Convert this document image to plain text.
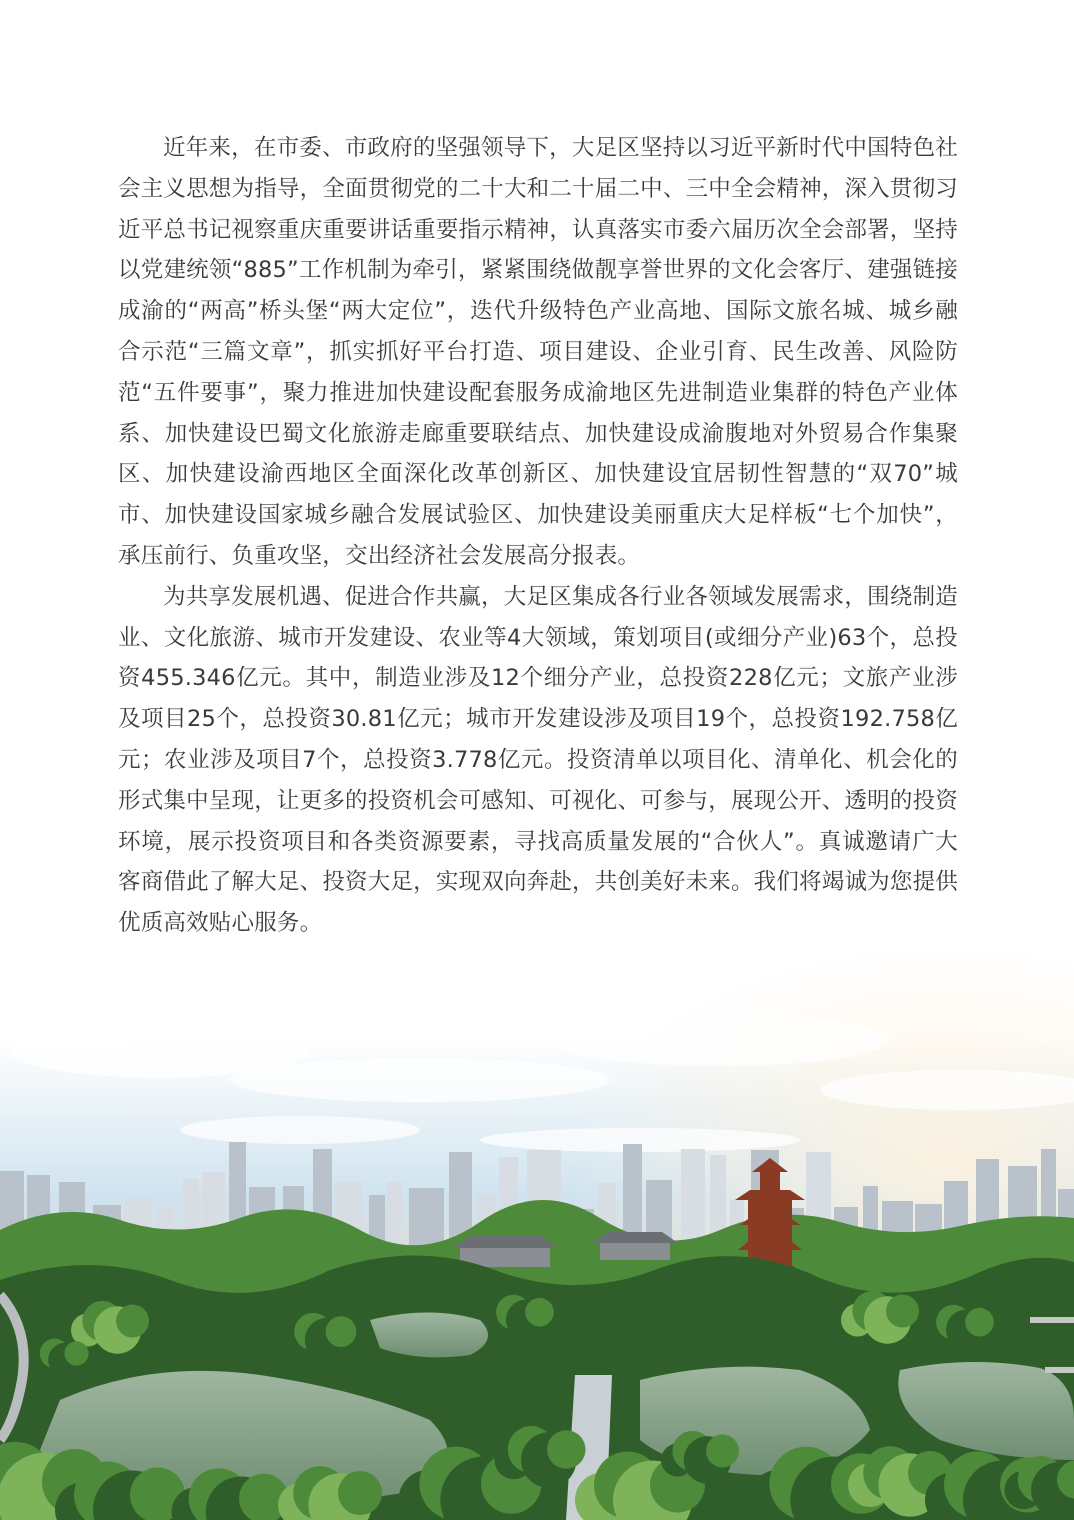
近年来，在市委、市政府的坚强领导下，大足区坚持以习近平新时代中国特色社会主义思想为指导，全面贯彻党的二十大和二十届二中、三中全会精神，深入贯彻习近平总书记视察重庆重要讲话重要指示精神，认真落实市委六届历次全会部署，坚持以党建统领“885”工作机制为牵引，紧紧围绕做靓享誉世界的文化会客厅、建强链接成渝的“两高”桥头堡“两大定位”，迭代升级特色产业高地、国际文旅名城、城乡融合示范“三篇文章”，抓实抓好平台打造、项目建设、企业引育、民生改善、风险防范“五件要事”，聚力推进加快建设配套服务成渝地区先进制造业集群的特色产业体系、加快建设巴蜀文化旅游走廊重要联结点、加快建设成渝腹地对外贸易合作集聚区、加快建设渝西地区全面深化改革创新区、加快建设宜居韧性智慧的“双70”城市、加快建设国家城乡融合发展试验区、加快建设美丽重庆大足样板“七个加快”，承压前行、负重攻坚，交出经济社会发展高分报表。

为共享发展机遇、促进合作共赢，大足区集成各行业各领域发展需求，围绕制造业、文化旅游、城市开发建设、农业等4大领域，策划项目(或细分产业)63个，总投资455.346亿元。其中，制造业涉及12个细分产业，总投资228亿元；文旅产业涉及项目25个，总投资30.81亿元；城市开发建设涉及项目19个，总投资192.758亿元；农业涉及项目7个，总投资3.778亿元。投资清单以项目化、清单化、机会化的形式集中呈现，让更多的投资机会可感知、可视化、可参与，展现公开、透明的投资环境，展示投资项目和各类资源要素，寻找高质量发展的“合伙人”。真诚邀请广大客商借此了解大足、投资大足，实现双向奔赴，共创美好未来。我们将竭诚为您提供优质高效贴心服务。
